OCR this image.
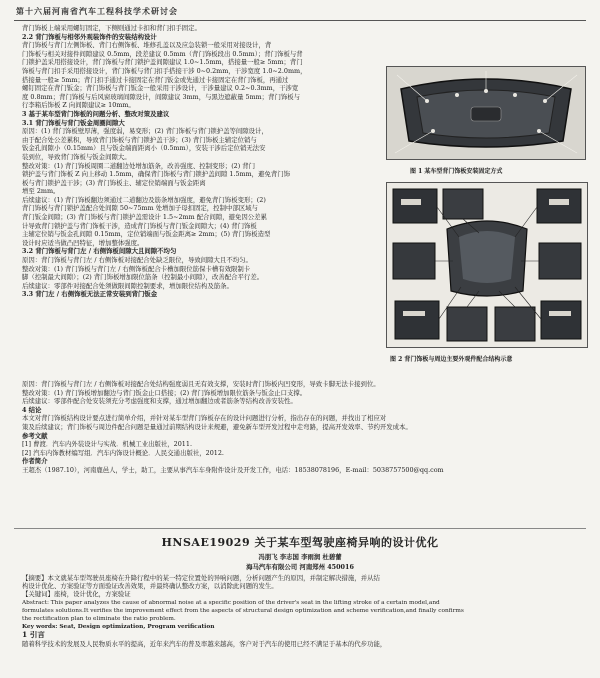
第十六届河南省汽车工程科技学术研讨会

背门饰板上端采用螺钉固定，下侧则通过卡扣和背门扣手固定。

2.2 背门饰板与相邻外观装饰件的安装结构设计

背门饰板与背门左侧饰板、背门右侧饰板、堆修孔盖以及应急装锁一般采用对接设计，背

门饰板与相关对接件间隙建议 0.5mm，段差建议 0.5mm（背门饰板段出 0.5mm）；背门饰板与背

门锁护盖采用搭接设计，背门饰板与背门锁护盖间隙建议 1.0~1.5mm，搭接量一般≥ 5mm；背门

饰板与背门扣手采用搭接设计，背门饰板与背门扣手搭接干涉 0~0.2mm，干涉宽度 1.0~2.0mm，

搭接量一般≥ 5mm；背门扣手通过卡接固定在背门钣金或先通过卡接固定在背门饰板，再通过

螺钉固定在背门钣金；背门饰板与背门钣金一般采用干涉设计，干涉量建议 0.2~0.3mm，干涉宽

度 0.8mm；背门饰板与后风窗玻璃间隙设计，间隙建议 3mm，与黑边遮蔽量 5mm；背门饰板与

行李箱后饰板 Z 向间隙建议≥ 10mm。

3 基于某车型背门饰板的问题分析、整改对策及建议

3.1 背门饰板与背门钣金周圈间隙大

原因：(1) 背门饰板壁厚薄，强度弱，易变形；(2) 背门饰板与背门锁护盖等间隙设计，

由于配合处公差累积，导致背门饰板与背门锁护盖干涉；(3) 背门饰板主辅定位销与

钣金孔间隙小（0.15mm）且与钣金端面距离小（0.5mm），安装干涉后定位销无法安

装到位，导致背门饰板与钣金间隙大。

整改对策：(1) 背门饰板周圈二道翻边处增加筋条，改善强度、控制变形；(2) 背门

锁护盖与背门饰板 Z 向上移动 1.5mm，确保背门饰板与背门锁护盖间隙 1.5mm，避免背门饰

板与背门锁护盖干涉；(3) 背门饰板主、辅定位销端面与钣金距离

增至 2mm。

后续建议：(1) 背门饰板翻边须通过二道翻边及筋条增加强度，避免背门饰板变形；(2)

背门饰板与背门锁护盖配合处间隙 50~75mm 处增加子母扣固定，控制中部区域与

背门钣金间隙；(3) 背门饰板与背门锁护盖需设计 1.5~2mm 配合间隙，避免因公差累

计导致背门锁护盖与背门饰板干涉，造成背门饰板与背门钣金间隙大；(4) 背门饰板

主辅定位销与钣金孔间隙 0.15mm，定位销端面与钣金距离≥ 2mm；(5) 背门饰板造型

设计时应适当做凸凹特征，增加整体强度。

3.2 背门饰板与背门左 / 右侧饰板间隙大且间隙不均匀

原因：背门饰板与背门左 / 右侧饰板对接配合处缺乏限位，导致间隙大且不均匀。

整改对策：(1) 背门饰板与背门左 / 右侧饰板配合卡槽加限位筋保卡槽有效限制卡

脚（控制最大间隙）；(2) 背门饰板增加限位筋条（控制最小间隙），改善配合平行差。

后续建议：零部件对接配合处须做限间隙控制要求，增加限位结构及筋条。

3.3 背门左 / 右侧饰板无法正常安装到背门钣金

图 1 某车型背门饰板安装固定方式
图 2 背门饰板与周边主要外观件配合结构示意

原因：背门饰板与背门左 / 右侧饰板对接配合处结构强度弱且无有效支撑，安装时背门饰板内凹变形，导致卡脚无法卡接到位。

整改对策：(1) 背门饰板增加翻边与背门钣金止口搭接；(2) 背门饰板增加限位筋条与钣金止口支撑。

后续建议：零部件配合处安装须充分考虑强度和支撑，通过增加翻边或者筋条等结构改善安装性。

4 结论

本文对背门饰板结构设计要点进行简单介绍，并针对某车型背门饰板存在的设计问题进行分析，指出存在的问题，并找出了相应对

策及后续建议；背门饰板与周边件配合问题是量通过前期结构设计来规避，避免新车型开发过程中走弯路，提高开发效率、节约开发成本。

参考文献

[1] 曹渡．汽车内外装设计与实战．机械工业出版社，2011.

[2] 汽车内饰教材编写组．汽车内饰设计概论．人民交通出版社，2012.

作者简介

王超杰（1987.10），河南鹿邑人，学士，助工，主要从事汽车车身附件设计及开发工作，电话：18538078196，E-mail：5038757500@qq.com

HNSAE19029 关于某车型驾驶座椅异响的设计优化
冯朋飞 李志国 李雨润 杜碧蕾
海马汽车有限公司 河南郑州 450016

【摘要】本文就某车型驾驶员座椅在升降行程中的某一特定位置处的异响问题，分析问题产生的原因，并制定解决措施，并从结

构设计优化、方案验证等方面验证改善效果，并最终确认整改方案，以消除此问题的发生。

【关键词】座椅，设计优化，方案验证

Abstract: This paper analyzes the cause of abnormal noise at a specific position of the driver's seat in the lifting stroke of a certain model,and

formulates solutions.It verifies the improvement effect from the aspects of structural design optimization and scheme verification,and finally confirms

the rectification plan to eliminate the ratio problem.

Key words: Seat, Design optimization, Program verification

1 引言

随着科学技术的发展及人民物质水平的提高，近年来汽车的普及率越来越高，客户对于汽车的使用已经不满足于基本的代步功能，
